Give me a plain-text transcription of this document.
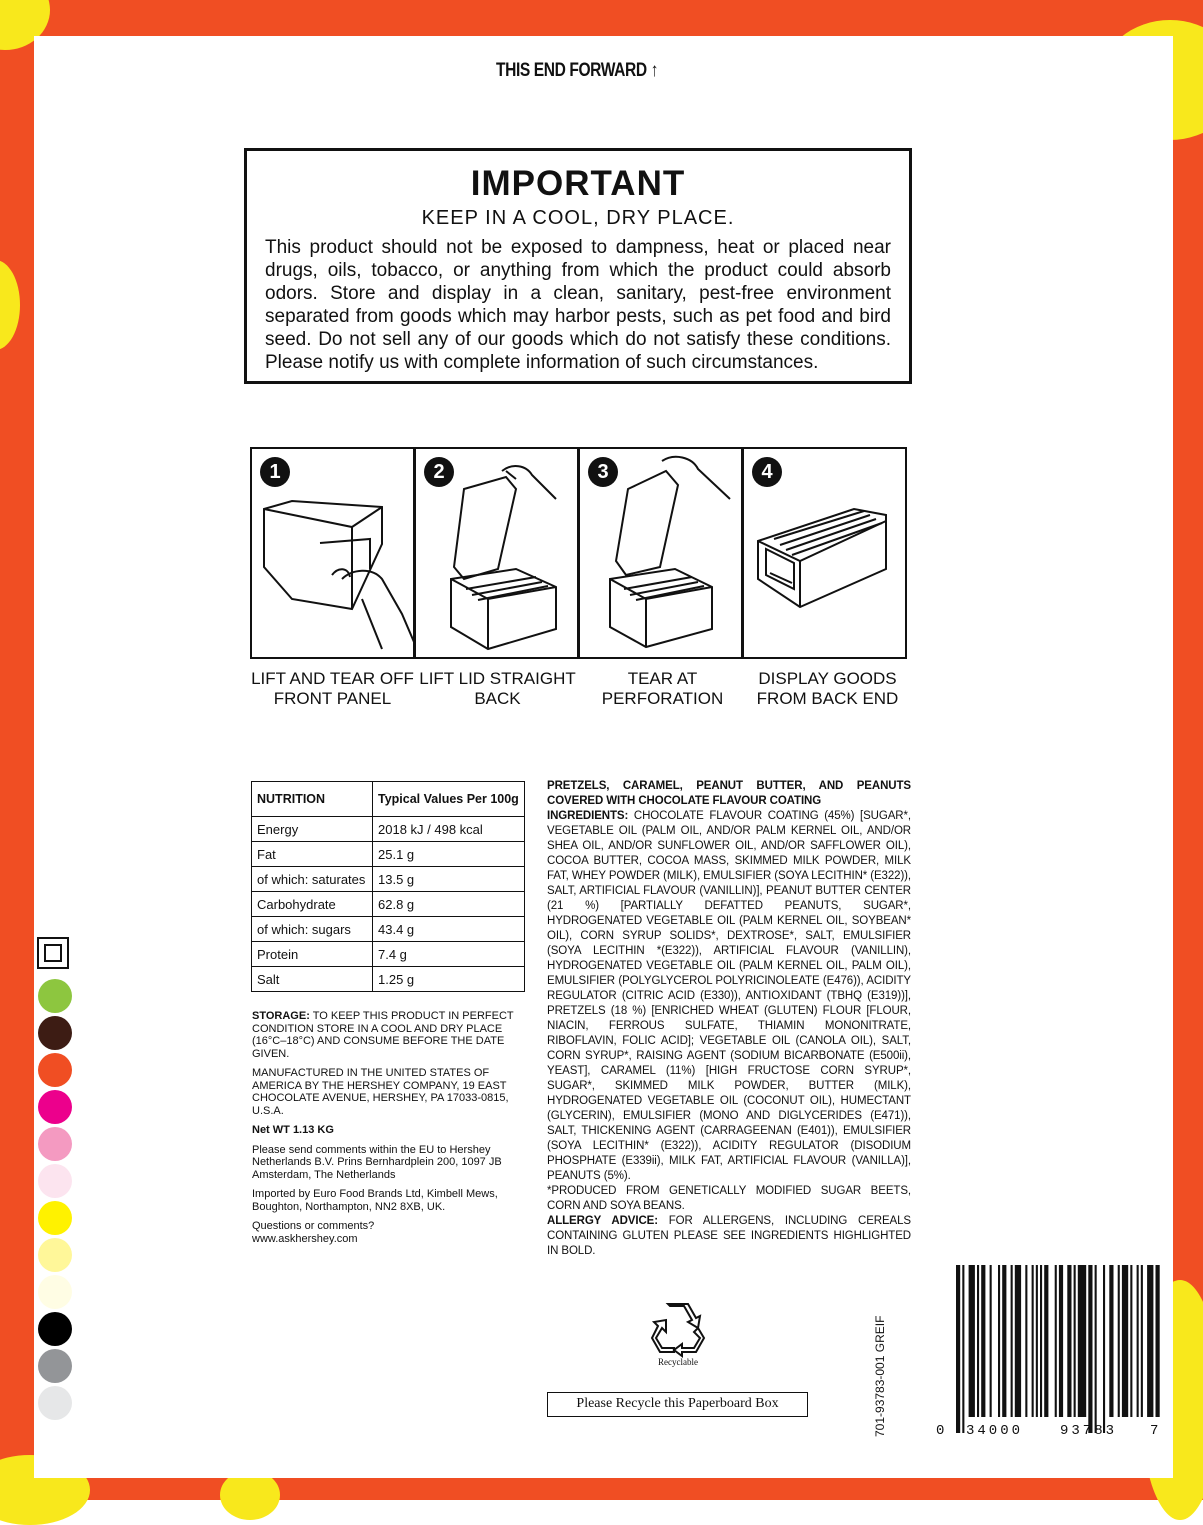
THIS END FORWARD ↑
IMPORTANT
KEEP IN A COOL, DRY PLACE.
This product should not be exposed to dampness, heat or placed near drugs, oils, tobacco, or anything from which the product could absorb odors. Store and display in a clean, sanitary, pest-free environment separated from goods which may harbor pests, such as pet food and bird seed. Do not sell any of our goods which do not satisfy these conditions. Please notify us with complete information of such circumstances.
1	2	3	4
LIFT AND TEAR OFF FRONT PANEL
LIFT LID STRAIGHT BACK
TEAR AT PERFORATION
DISPLAY GOODS FROM BACK END
NUTRITION	Typical Values Per 100g
Energy	2018 kJ / 498 kcal
Fat	25.1 g
of which: saturates	13.5 g
Carbohydrate	62.8 g
of which: sugars	43.4 g
Protein	7.4 g
Salt	1.25 g

STORAGE: TO KEEP THIS PRODUCT IN PERFECT CONDITION STORE IN A COOL AND DRY PLACE (16°C–18°C) AND CONSUME BEFORE THE DATE GIVEN.

MANUFACTURED IN THE UNITED STATES OF AMERICA BY THE HERSHEY COMPANY, 19 EAST CHOCOLATE AVENUE, HERSHEY, PA 17033-0815, U.S.A.

Net WT 1.13 KG

Please send comments within the EU to Hershey Netherlands B.V. Prins Bernhardplein 200, 1097 JB Amsterdam, The Netherlands

Imported by Euro Food Brands Ltd, Kimbell Mews, Boughton, Northampton, NN2 8XB, UK.

Questions or comments?

www.askhershey.com

PRETZELS, CARAMEL, PEANUT BUTTER, AND PEANUTS COVERED WITH CHOCOLATE FLAVOUR COATING

INGREDIENTS: CHOCOLATE FLAVOUR COATING (45%) [SUGAR*, VEGETABLE OIL (PALM OIL, AND/OR PALM KERNEL OIL, AND/OR SHEA OIL, AND/OR SUNFLOWER OIL, AND/OR SAFFLOWER OIL), COCOA BUTTER, COCOA MASS, SKIMMED MILK POWDER, MILK FAT, WHEY POWDER (MILK), EMULSIFIER (SOYA LECITHIN* (E322)), SALT, ARTIFICIAL FLAVOUR (VANILLIN)], PEANUT BUTTER CENTER (21 %) [PARTIALLY DEFATTED PEANUTS, SUGAR*, HYDROGENATED VEGETABLE OIL (PALM KERNEL OIL, SOYBEAN* OIL), CORN SYRUP SOLIDS*, DEXTROSE*, SALT, EMULSIFIER (SOYA LECITHIN *(E322)), ARTIFICIAL FLAVOUR (VANILLIN), HYDROGENATED VEGETABLE OIL (PALM KERNEL OIL, PALM OIL), EMULSIFIER (POLYGLYCEROL POLYRICINOLEATE (E476)), ACIDITY REGULATOR (CITRIC ACID (E330)), ANTIOXIDANT (TBHQ (E319))], PRETZELS (18 %) [ENRICHED WHEAT (GLUTEN) FLOUR [FLOUR, NIACIN, FERROUS SULFATE, THIAMIN MONONITRATE, RIBOFLAVIN, FOLIC ACID]; VEGETABLE OIL (CANOLA OIL), SALT, CORN SYRUP*, RAISING AGENT (SODIUM BICARBONATE (E500ii), YEAST], CARAMEL (11%) [HIGH FRUCTOSE CORN SYRUP*, SUGAR*, SKIMMED MILK POWDER, BUTTER (MILK), HYDROGENATED VEGETABLE OIL (COCONUT OIL), HUMECTANT (GLYCERIN), EMULSIFIER (MONO AND DIGLYCERIDES (E471)), SALT, THICKENING AGENT (CARRAGEENAN (E401)), EMULSIFIER (SOYA LECITHIN* (E322)), ACIDITY REGULATOR (DISODIUM PHOSPHATE (E339ii), MILK FAT, ARTIFICIAL FLAVOUR (VANILLA)], PEANUTS (5%).

*PRODUCED FROM GENETICALLY MODIFIED SUGAR BEETS, CORN AND SOYA BEANS.

ALLERGY ADVICE: FOR ALLERGENS, INCLUDING CEREALS CONTAINING GLUTEN PLEASE SEE INGREDIENTS HIGHLIGHTED IN BOLD.

Recyclable
Please Recycle this Paperboard Box	701-93783-001 GREIF	0 34000	93783 7
